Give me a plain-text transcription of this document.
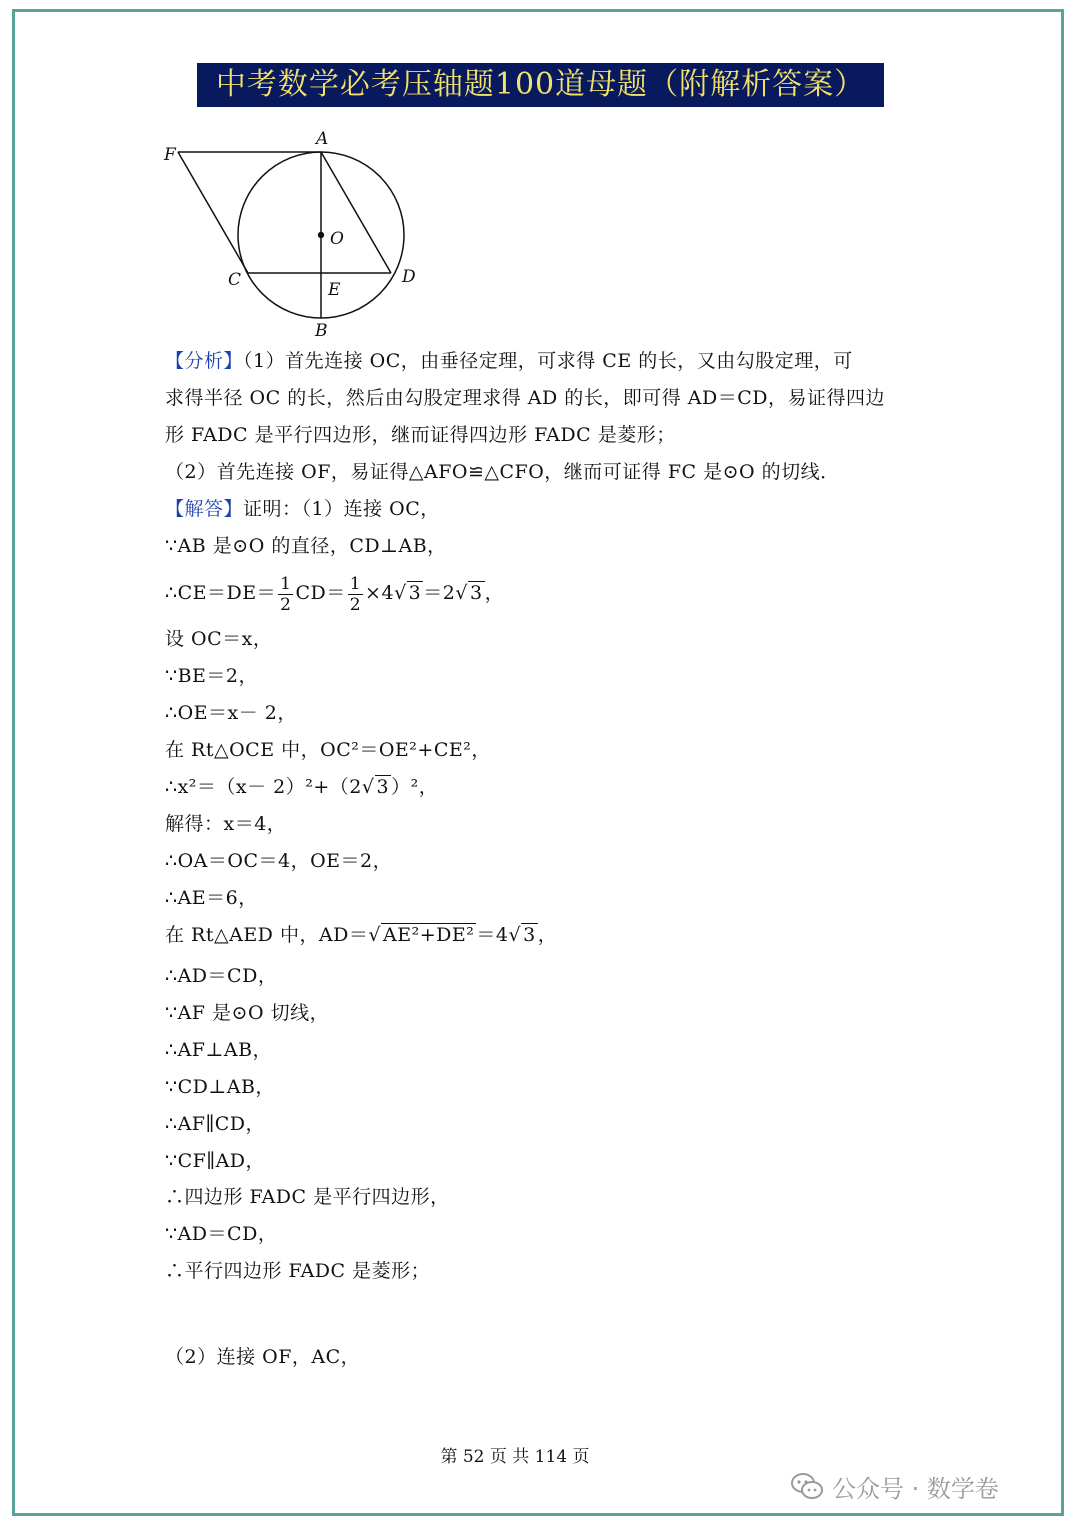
中考数学必考压轴题100道母题（附解析答案）
F
A
O
C	D
E
B
【分析】（1）首先连接 OC，由垂径定理，可求得 CE 的长，又由勾股定理，可
求得半径 OC 的长，然后由勾股定理求得 AD 的长，即可得 AD＝CD，易证得四边
形 FADC 是平行四边形，继而证得四边形 FADC 是菱形；
（2）首先连接 OF，易证得△AFO≌△CFO，继而可证得 FC 是⊙O 的切线．
【解答】证明：（1）连接 OC，
∵AB 是⊙O 的直径，CD⊥AB，
∴CE＝DE＝ $\frac{1}{2} CD= \frac{1}{2} \times 4√$ 3 ＝2√ 3 ，
设 OC＝x，
∵BE＝2，
∴OE＝x－ 2，
在 Rt△OCE 中，OC²＝OE²+CE²，
∴x²＝（x－ 2）²+（2√ 3 ）²，
解得：x＝4，
∴OA＝OC＝4，OE＝2，
∴AE＝6，
在 Rt△AED 中，AD＝√ AE²+DE² ＝4√ 3 ，
∴AD＝CD，
∵AF 是⊙O 切线，
∴AF⊥AB，
∵CD⊥AB，
∴AF∥CD，
∵CF∥AD，
∴四边形 FADC 是平行四边形，
∵AD＝CD，
∴平行四边形 FADC 是菱形；
（2）连接 OF，AC，
第 52 页 共 114 页
公众号 · 数学卷
